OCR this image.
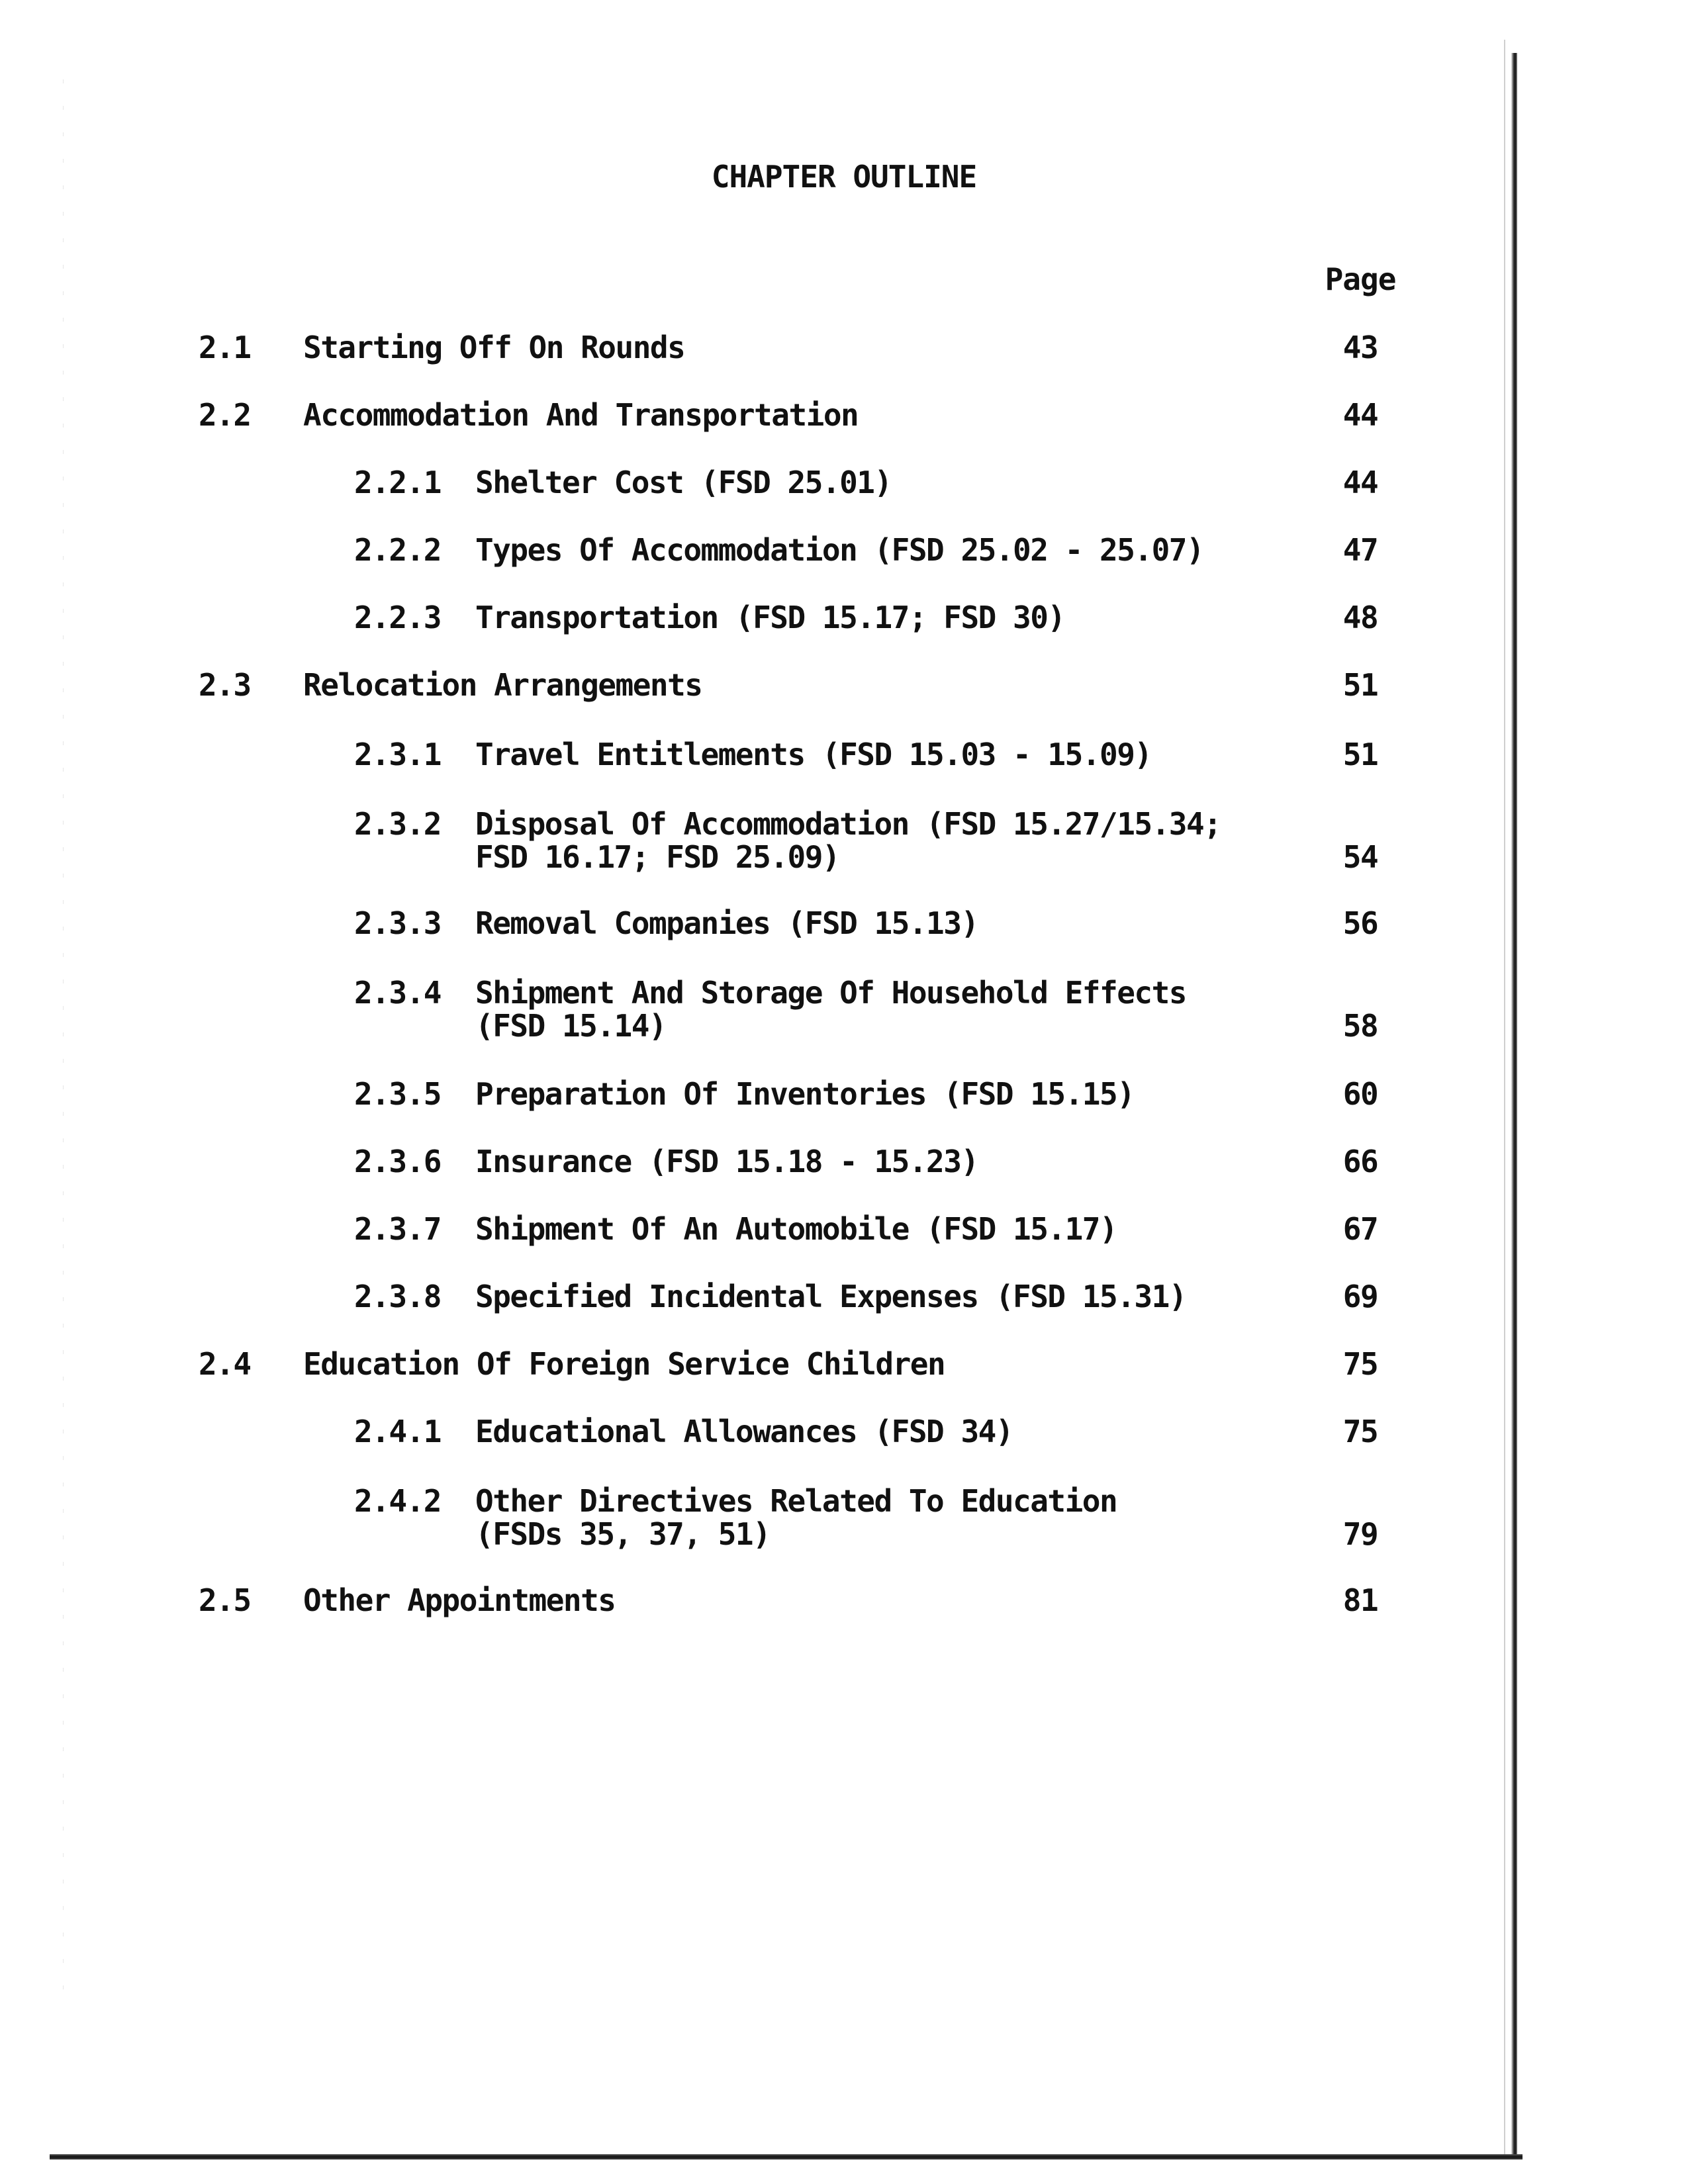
CHAPTER OUTLINE
Page
2.1 Starting Off On Rounds	43
2.2 Accommodation And Transportation	44
2.2.1 Shelter Cost (FSD 25.01)	44
2.2.2 Types Of Accommodation (FSD 25.02 - 25.07)	47
2.2.3 Transportation (FSD 15.17; FSD 30)	48
2.3 Relocation Arrangements	51
2.3.1 Travel Entitlements (FSD 15.03 - 15.09)	51
2.3.2 Disposal Of Accommodation (FSD 15.27/15.34;
FSD 16.17; FSD 25.09)	54
2.3.3 Removal Companies (FSD 15.13)	56
2.3.4 Shipment And Storage Of Household Effects
(FSD 15.14)	58
2.3.5 Preparation Of Inventories (FSD 15.15)	60
2.3.6 Insurance (FSD 15.18 - 15.23)	66
2.3.7 Shipment Of An Automobile (FSD 15.17)	67
2.3.8 Specified Incidental Expenses (FSD 15.31)	69
2.4 Education Of Foreign Service Children	75
2.4.1 Educational Allowances (FSD 34)	75
2.4.2 Other Directives Related To Education
(FSDs 35, 37, 51)	79
2.5 Other Appointments	81
